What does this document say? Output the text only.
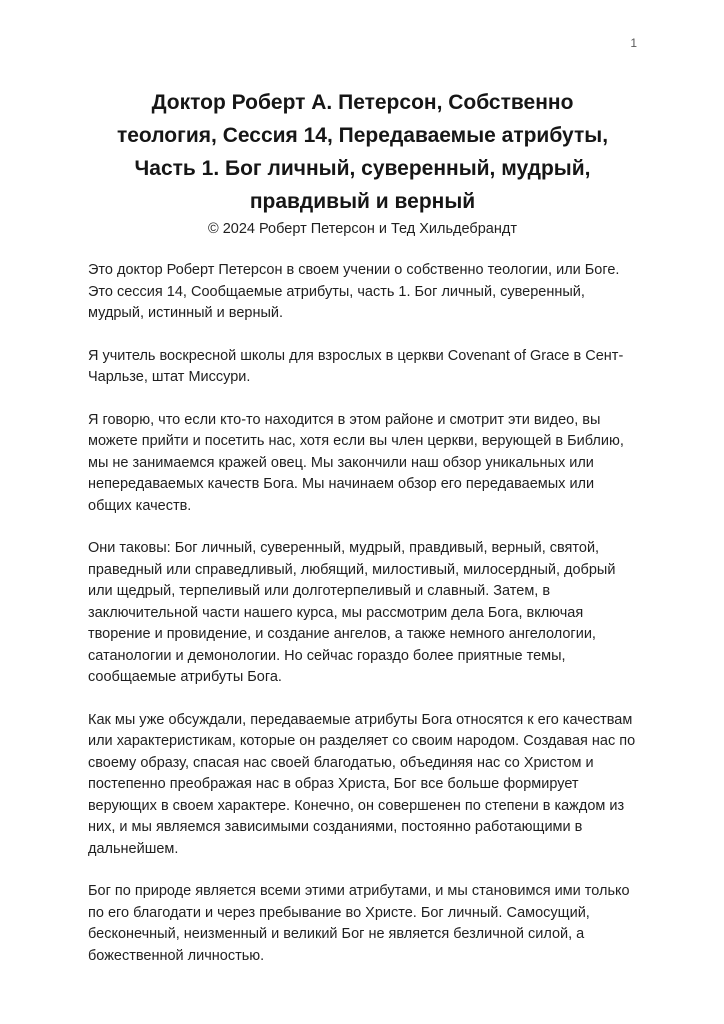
1
Доктор Роберт А. Петерсон, Собственно
теология, Сессия 14, Передаваемые атрибуты,
Часть 1. Бог личный, суверенный, мудрый,
правдивый и верный
© 2024 Роберт Петерсон и Тед Хильдебрандт

Это доктор Роберт Петерсон в своем учении о собственно теологии, или Боге. Это сессия 14, Сообщаемые атрибуты, часть 1. Бог личный, суверенный, мудрый, истинный и верный.

Я учитель воскресной школы для взрослых в церкви Covenant of Grace в Сент-Чарльзе, штат Миссури.

Я говорю, что если кто-то находится в этом районе и смотрит эти видео, вы можете прийти и посетить нас, хотя если вы член церкви, верующей в Библию, мы не занимаемся кражей овец. Мы закончили наш обзор уникальных или непередаваемых качеств Бога. Мы начинаем обзор его передаваемых или общих качеств.

Они таковы: Бог личный, суверенный, мудрый, правдивый, верный, святой, праведный или справедливый, любящий, милостивый, милосердный, добрый или щедрый, терпеливый или долготерпеливый и славный. Затем, в заключительной части нашего курса, мы рассмотрим дела Бога, включая творение и провидение, и создание ангелов, а также немного ангелологии, сатанологии и демонологии. Но сейчас гораздо более приятные темы, сообщаемые атрибуты Бога.

Как мы уже обсуждали, передаваемые атрибуты Бога относятся к его качествам или характеристикам, которые он разделяет со своим народом. Создавая нас по своему образу, спасая нас своей благодатью, объединяя нас со Христом и постепенно преображая нас в образ Христа, Бог все больше формирует верующих в своем характере. Конечно, он совершенен по степени в каждом из них, и мы являемся зависимыми созданиями, постоянно работающими в дальнейшем.

Бог по природе является всеми этими атрибутами, и мы становимся ими только по его благодати и через пребывание во Христе. Бог личный. Самосущий, бесконечный, неизменный и великий Бог не является безличной силой, а божественной личностью.
